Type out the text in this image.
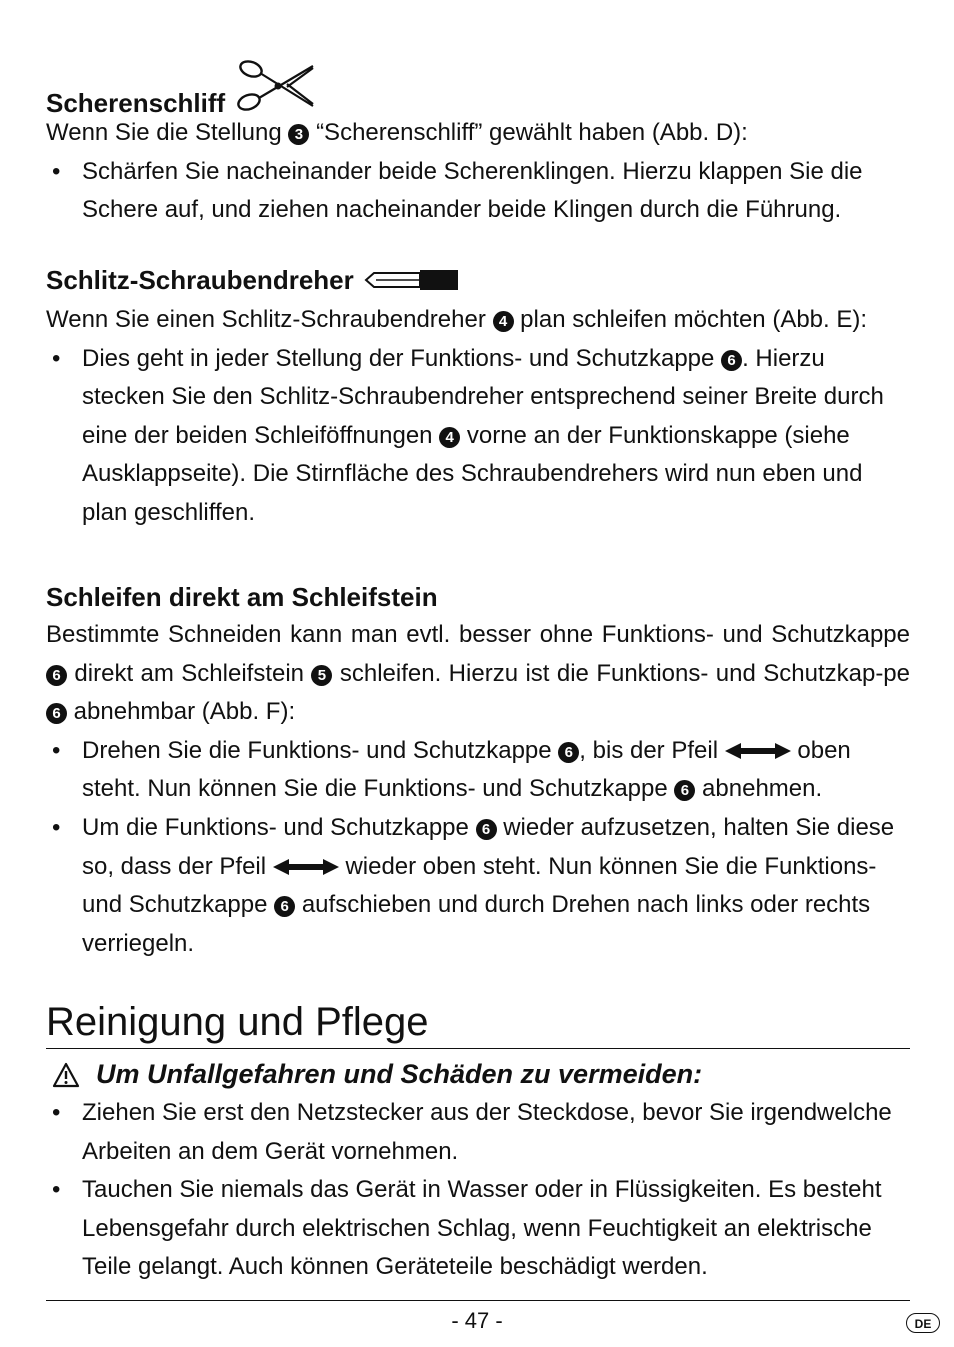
Scherenschliff

Wenn Sie die Stellung 3 “Scherenschliff” gewählt haben (Abb. D):

• Schärfen Sie nacheinander beide Scherenklingen. Hierzu klappen Sie die Schere auf, und ziehen nacheinander beide Klingen durch die Führung.
Schlitz-Schraubendreher

Wenn Sie einen Schlitz-Schraubendreher 4 plan schleifen möchten (Abb. E):

• Dies geht in jeder Stellung der Funktions- und Schutzkappe 6 . Hierzu stecken Sie den Schlitz-Schraubendreher entsprechend seiner Breite durch eine der beiden Schleiföffnungen 4 vorne an der Funktionskappe (siehe Ausklappseite). Die Stirnfläche des Schraubendrehers wird nun eben und plan geschliffen.
Schleifen direkt am Schleifstein

Bestimmte Schneiden kann man evtl. besser ohne Funktions- und Schutzkappe 6 direkt am Schleifstein 5 schleifen. Hierzu ist die Funktions- und Schutzkap-pe 6 abnehmbar (Abb. F):

• Drehen Sie die Funktions- und Schutzkappe 6 , bis der Pfeil	oben steht. Nun können Sie die Funktions- und Schutzkappe 6 abnehmen.
• Um die Funktions- und Schutzkappe 6 wieder aufzusetzen, halten Sie diese so, dass der Pfeil	wieder oben steht. Nun können Sie die Funktions- und Schutzkappe 6 aufschieben und durch Drehen nach links oder rechts verriegeln.
Reinigung und Pflege
Um Unfallgefahren und Schäden zu vermeiden:
• Ziehen Sie erst den Netzstecker aus der Steckdose, bevor Sie irgendwelche Arbeiten an dem Gerät vornehmen.
• Tauchen Sie niemals das Gerät in Wasser oder in Flüssigkeiten. Es besteht Lebensgefahr durch elektrischen Schlag, wenn Feuchtigkeit an elektrische Teile gelangt. Auch können Geräteteile beschädigt werden.
- 47 -	DE
